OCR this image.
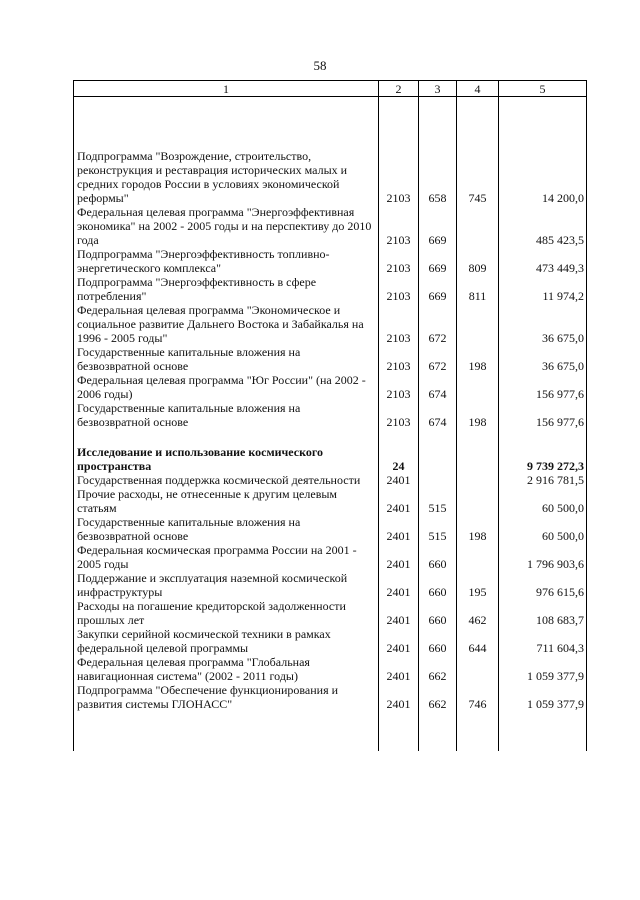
58
1	2	3	4	5

Подпрограмма "Возрождение, строительство, реконструкция и реставрация исторических малых и средних городов России в условиях экономической реформы"	2103	658	745	14 200,0
Федеральная целевая программа "Энергоэффективная экономика" на 2002 - 2005 годы и на перспективу до 2010 года	2103	669		485 423,5
Подпрограмма "Энергоэффективность топливно-энергетического комплекса"	2103	669	809	473 449,3
Подпрограмма "Энергоэффективность в сфере потребления"	2103	669	811	11 974,2
Федеральная целевая программа "Экономическое и социальное развитие Дальнего Востока и Забайкалья на 1996 - 2005 годы"	2103	672		36 675,0
Государственные капитальные вложения на безвозвратной основе	2103	672	198	36 675,0
Федеральная целевая программа "Юг России" (на 2002 - 2006 годы)	2103	674		156 977,6
Государственные капитальные вложения на безвозвратной основе	2103	674	198	156 977,6

Исследование и использование космического пространства	24			9 739 272,3
Государственная поддержка космической деятельности	2401			2 916 781,5
Прочие расходы, не отнесенные к другим целевым статьям	2401	515		60 500,0
Государственные капитальные вложения на безвозвратной основе	2401	515	198	60 500,0
Федеральная космическая программа России на 2001 - 2005 годы	2401	660		1 796 903,6
Поддержание и эксплуатация наземной космической инфраструктуры	2401	660	195	976 615,6
Расходы на погашение кредиторской задолженности прошлых лет	2401	660	462	108 683,7
Закупки серийной космической техники в рамках федеральной целевой программы	2401	660	644	711 604,3
Федеральная целевая программа "Глобальная навигационная система" (2002 - 2011 годы)	2401	662		1 059 377,9
Подпрограмма "Обеспечение функционирования и развития системы ГЛОНАСС"	2401	662	746	1 059 377,9
